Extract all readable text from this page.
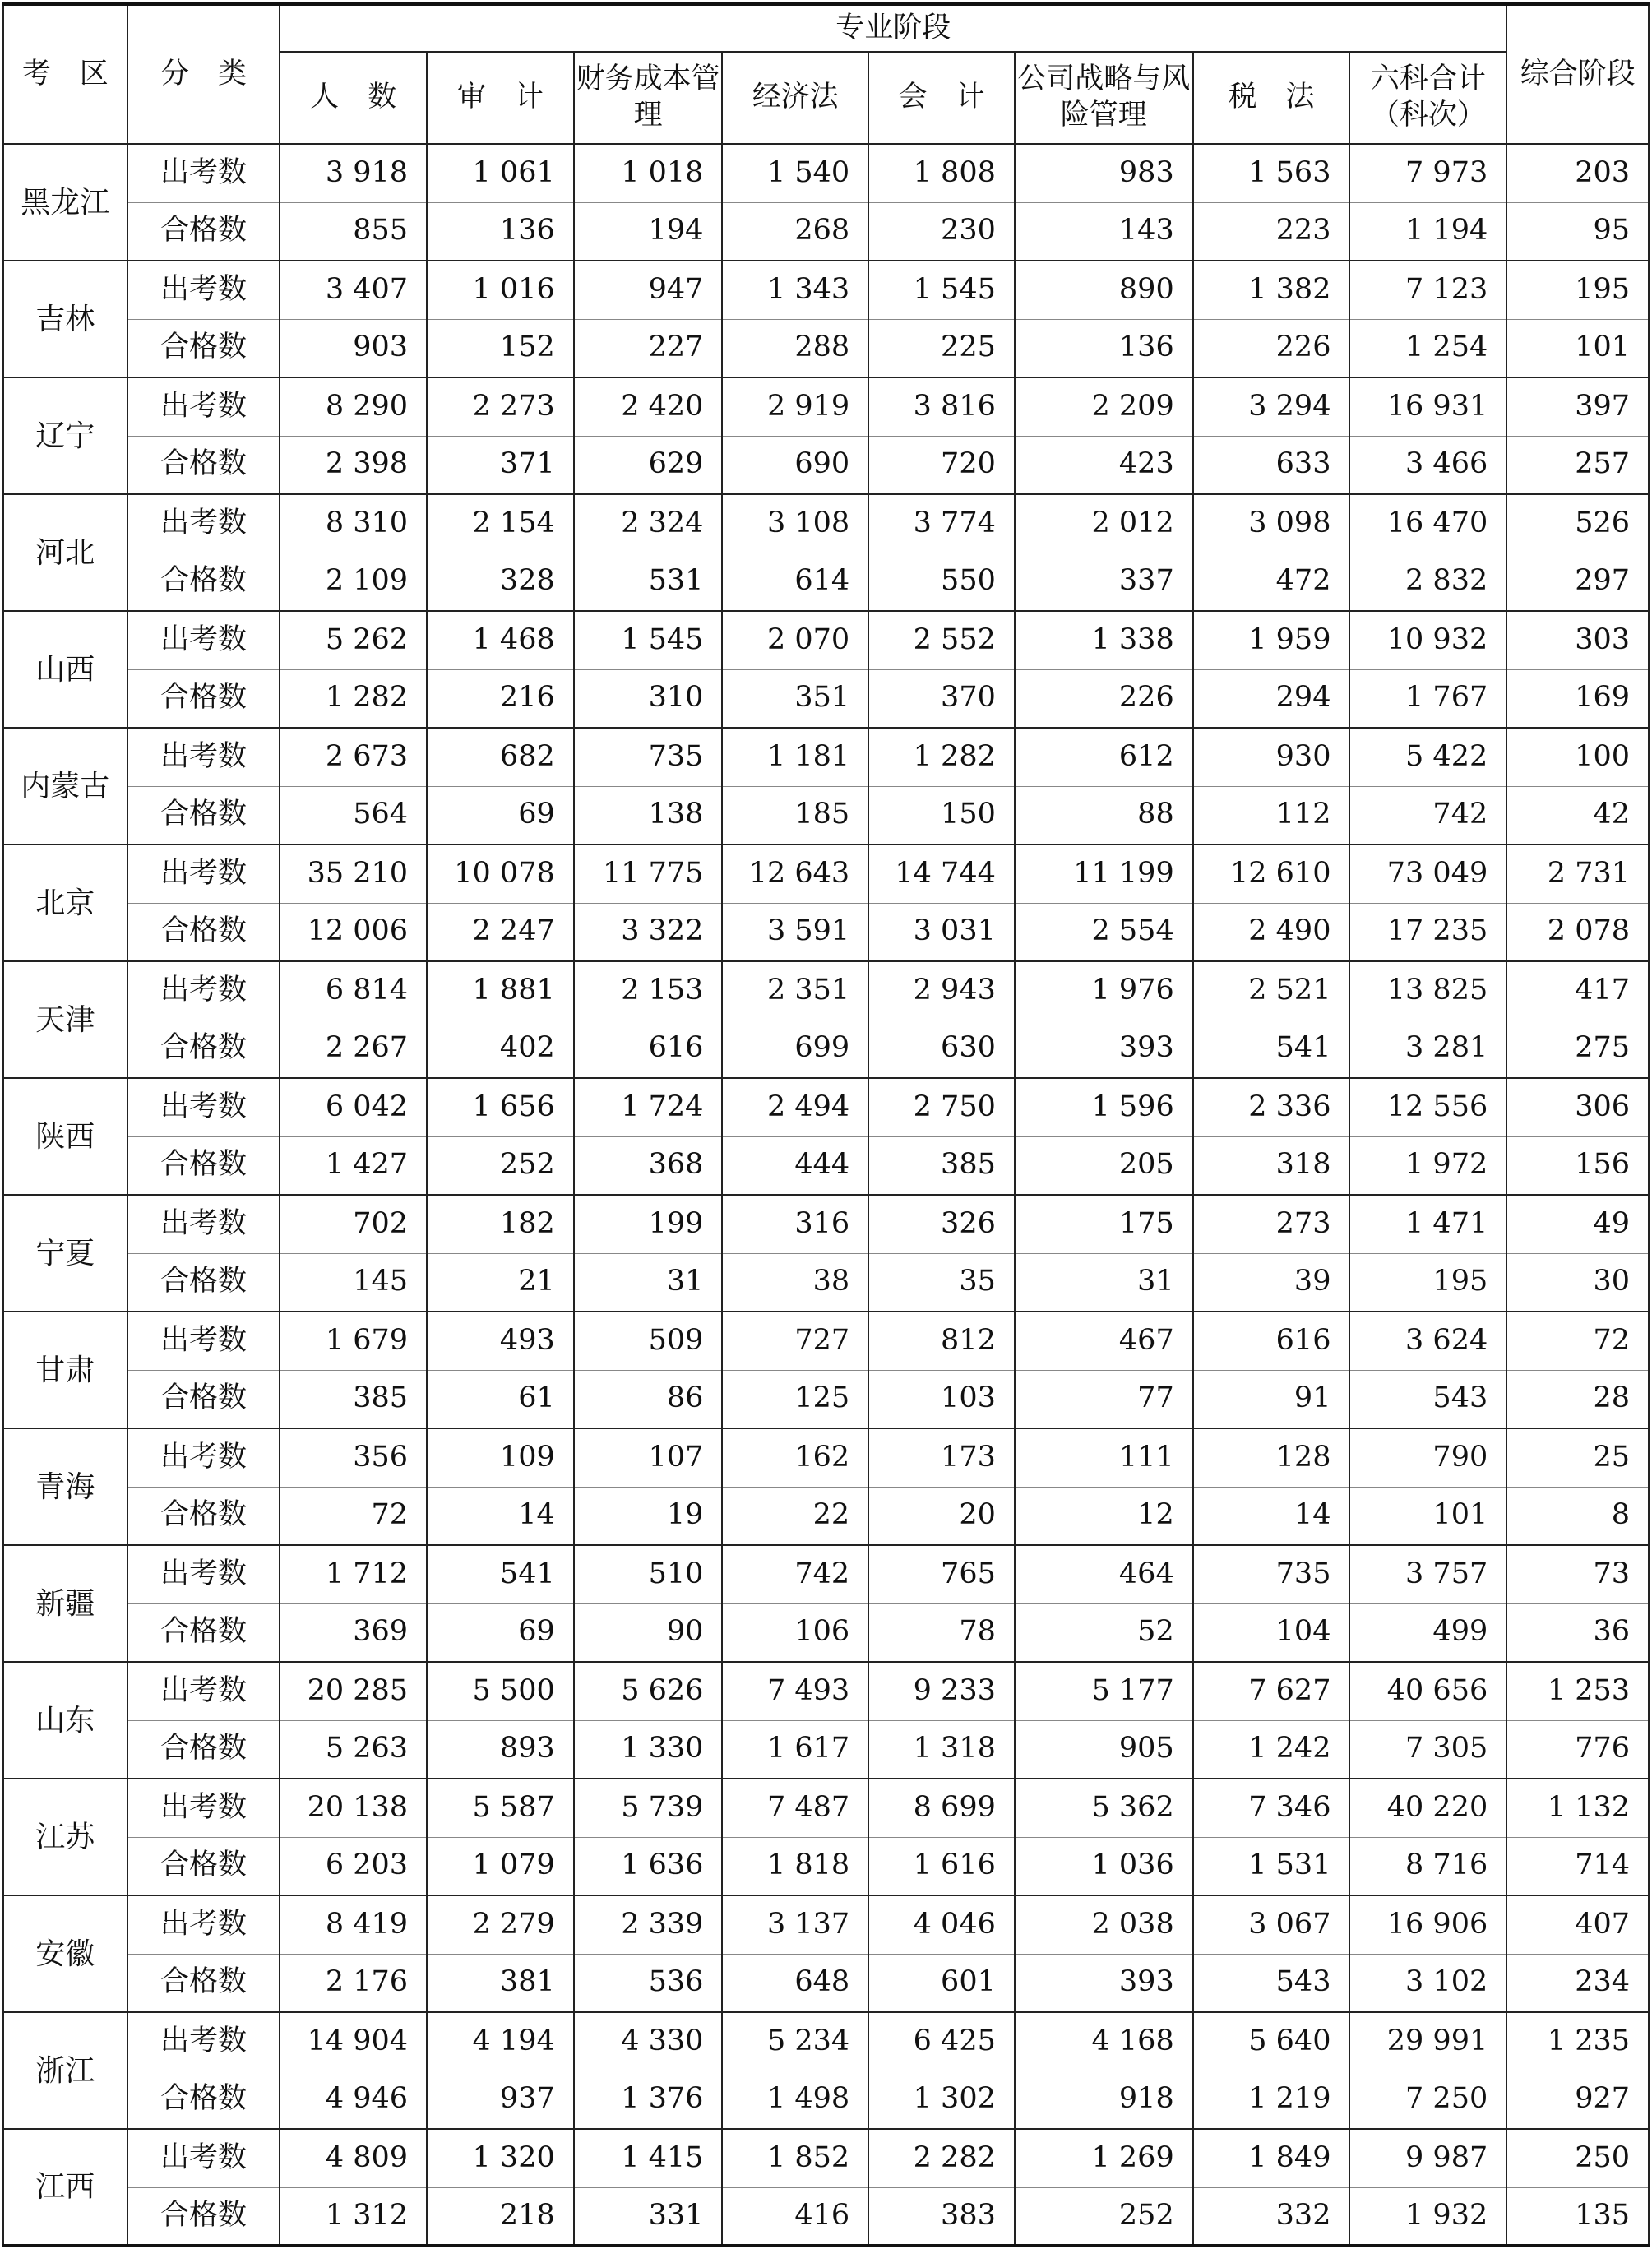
考　区	分　类	专业阶段								综合阶段
		人　数	审　计	财务成本管理	经济法	会　计	公司战略与风险管理	税　法	六科合计（科次）	
黑龙江	出考数	3 918	1 061	1 018	1 540	1 808	983	1 563	7 973	203
	合格数	855	136	194	268	230	143	223	1 194	95
吉林	出考数	3 407	1 016	947	1 343	1 545	890	1 382	7 123	195
	合格数	903	152	227	288	225	136	226	1 254	101
辽宁	出考数	8 290	2 273	2 420	2 919	3 816	2 209	3 294	16 931	397
	合格数	2 398	371	629	690	720	423	633	3 466	257
河北	出考数	8 310	2 154	2 324	3 108	3 774	2 012	3 098	16 470	526
	合格数	2 109	328	531	614	550	337	472	2 832	297
山西	出考数	5 262	1 468	1 545	2 070	2 552	1 338	1 959	10 932	303
	合格数	1 282	216	310	351	370	226	294	1 767	169
内蒙古	出考数	2 673	682	735	1 181	1 282	612	930	5 422	100
	合格数	564	69	138	185	150	88	112	742	42
北京	出考数	35 210	10 078	11 775	12 643	14 744	11 199	12 610	73 049	2 731
	合格数	12 006	2 247	3 322	3 591	3 031	2 554	2 490	17 235	2 078
天津	出考数	6 814	1 881	2 153	2 351	2 943	1 976	2 521	13 825	417
	合格数	2 267	402	616	699	630	393	541	3 281	275
陕西	出考数	6 042	1 656	1 724	2 494	2 750	1 596	2 336	12 556	306
	合格数	1 427	252	368	444	385	205	318	1 972	156
宁夏	出考数	702	182	199	316	326	175	273	1 471	49
	合格数	145	21	31	38	35	31	39	195	30
甘肃	出考数	1 679	493	509	727	812	467	616	3 624	72
	合格数	385	61	86	125	103	77	91	543	28
青海	出考数	356	109	107	162	173	111	128	790	25
	合格数	72	14	19	22	20	12	14	101	8
新疆	出考数	1 712	541	510	742	765	464	735	3 757	73
	合格数	369	69	90	106	78	52	104	499	36
山东	出考数	20 285	5 500	5 626	7 493	9 233	5 177	7 627	40 656	1 253
	合格数	5 263	893	1 330	1 617	1 318	905	1 242	7 305	776
江苏	出考数	20 138	5 587	5 739	7 487	8 699	5 362	7 346	40 220	1 132
	合格数	6 203	1 079	1 636	1 818	1 616	1 036	1 531	8 716	714
安徽	出考数	8 419	2 279	2 339	3 137	4 046	2 038	3 067	16 906	407
	合格数	2 176	381	536	648	601	393	543	3 102	234
浙江	出考数	14 904	4 194	4 330	5 234	6 425	4 168	5 640	29 991	1 235
	合格数	4 946	937	1 376	1 498	1 302	918	1 219	7 250	927
江西	出考数	4 809	1 320	1 415	1 852	2 282	1 269	1 849	9 987	250
	合格数	1 312	218	331	416	383	252	332	1 932	135
